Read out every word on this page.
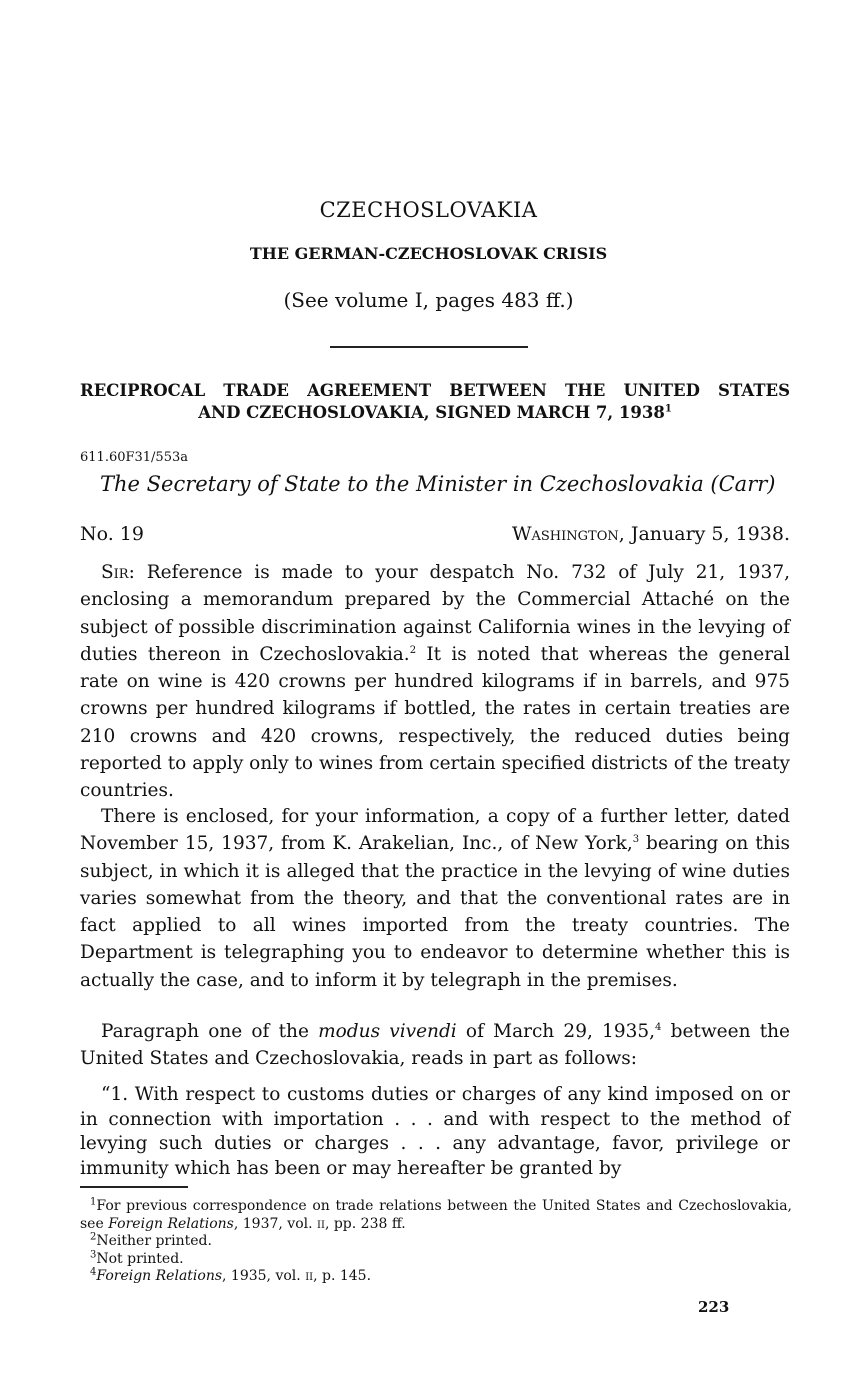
CZECHOSLOVAKIA
THE GERMAN-CZECHOSLOVAK CRISIS
(See volume I, pages 483 ff.)
RECIPROCAL TRADE AGREEMENT BETWEEN THE UNITED STATES
AND CZECHOSLOVAKIA, SIGNED MARCH 7, 1938$^1$
611.60F31/553a
The Secretary of State to the Minister in Czechoslovakia (Carr)
No. 19	Washington, January 5, 1938.

Sir: Reference is made to your despatch No. 732 of July 21, 1937, enclosing a memorandum prepared by the Commercial Attaché on the subject of possible discrimination against California wines in the levying of duties thereon in Czechoslovakia.$^2$ It is noted that whereas the general rate on wine is 420 crowns per hundred kilograms if in barrels, and 975 crowns per hundred kilograms if bottled, the rates in certain treaties are 210 crowns and 420 crowns, respectively, the reduced duties being reported to apply only to wines from certain specified districts of the treaty countries.

There is enclosed, for your information, a copy of a further letter, dated November 15, 1937, from K. Arakelian, Inc., of New York,$^3$ bearing on this subject, in which it is alleged that the practice in the levying of wine duties varies somewhat from the theory, and that the conventional rates are in fact applied to all wines imported from the treaty countries. The Department is telegraphing you to endeavor to determine whether this is actually the case, and to inform it by telegraph in the premises.

Paragraph one of the modus vivendi of March 29, 1935,$^4$ between the United States and Czechoslovakia, reads in part as follows:

“1. With respect to customs duties or charges of any kind imposed on or in connection with importation . . . and with respect to the method of levying such duties or charges . . . any advantage, favor, privilege or immunity which has been or may hereafter be granted by

$^1$For previous correspondence on trade relations between the United States and Czechoslovakia, see Foreign Relations, 1937, vol. ii, pp. 238 ff.

$^2$Neither printed.

$^3$Not printed.

$^4$Foreign Relations, 1935, vol. ii, p. 145.

223
